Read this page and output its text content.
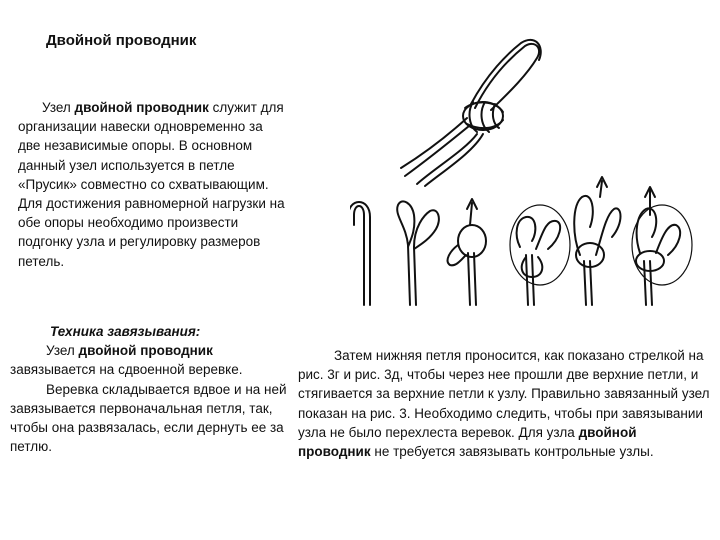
Двойной проводник
Узел двойной проводник служит для организации навески одновременно за две независимые опоры. В основном данный узел используется в петле «Прусик» совместно со схватывающим. Для достижения равномерной нагрузки на обе опоры необходимо произвести подгонку узла и регулировку размеров петель.
Техника завязывания:
Узел двойной проводник завязывается на сдвоенной веревке.
Веревка складывается вдвое и на ней завязывается первоначальная петля, так, чтобы она развязалась, если дернуть ее за петлю.
Затем нижняя петля проносится, как показано стрелкой на рис. 3г и рис. 3д, чтобы через нее прошли две верхние петли, и стягивается за верхние петли к узлу. Правильно завязанный узел показан на рис. 3. Необходимо следить, чтобы при завязывании узла не было перехлеста веревок. Для узла двойной проводник не требуется завязывать контрольные узлы.
